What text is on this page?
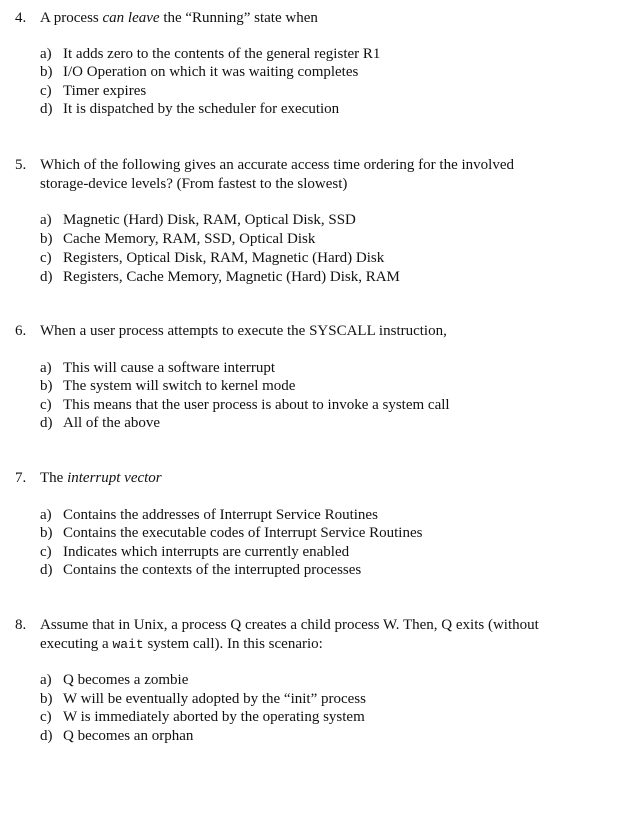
4. A process can leave the “Running” state when
a) It adds zero to the contents of the general register R1
b) I/O Operation on which it was waiting completes
c) Timer expires
d) It is dispatched by the scheduler for execution
5. Which of the following gives an accurate access time ordering for the involved
storage-device levels? (From fastest to the slowest)
a) Magnetic (Hard) Disk, RAM, Optical Disk, SSD
b) Cache Memory, RAM, SSD, Optical Disk
c) Registers, Optical Disk, RAM, Magnetic (Hard) Disk
d) Registers, Cache Memory, Magnetic (Hard) Disk, RAM
6. When a user process attempts to execute the SYSCALL instruction,
a) This will cause a software interrupt
b) The system will switch to kernel mode
c) This means that the user process is about to invoke a system call
d) All of the above
7. The interrupt vector
a) Contains the addresses of Interrupt Service Routines
b) Contains the executable codes of Interrupt Service Routines
c) Indicates which interrupts are currently enabled
d) Contains the contexts of the interrupted processes
8. Assume that in Unix, a process Q creates a child process W. Then, Q exits (without
executing a wait system call). In this scenario:
a) Q becomes a zombie
b) W will be eventually adopted by the “init” process
c) W is immediately aborted by the operating system
d) Q becomes an orphan
